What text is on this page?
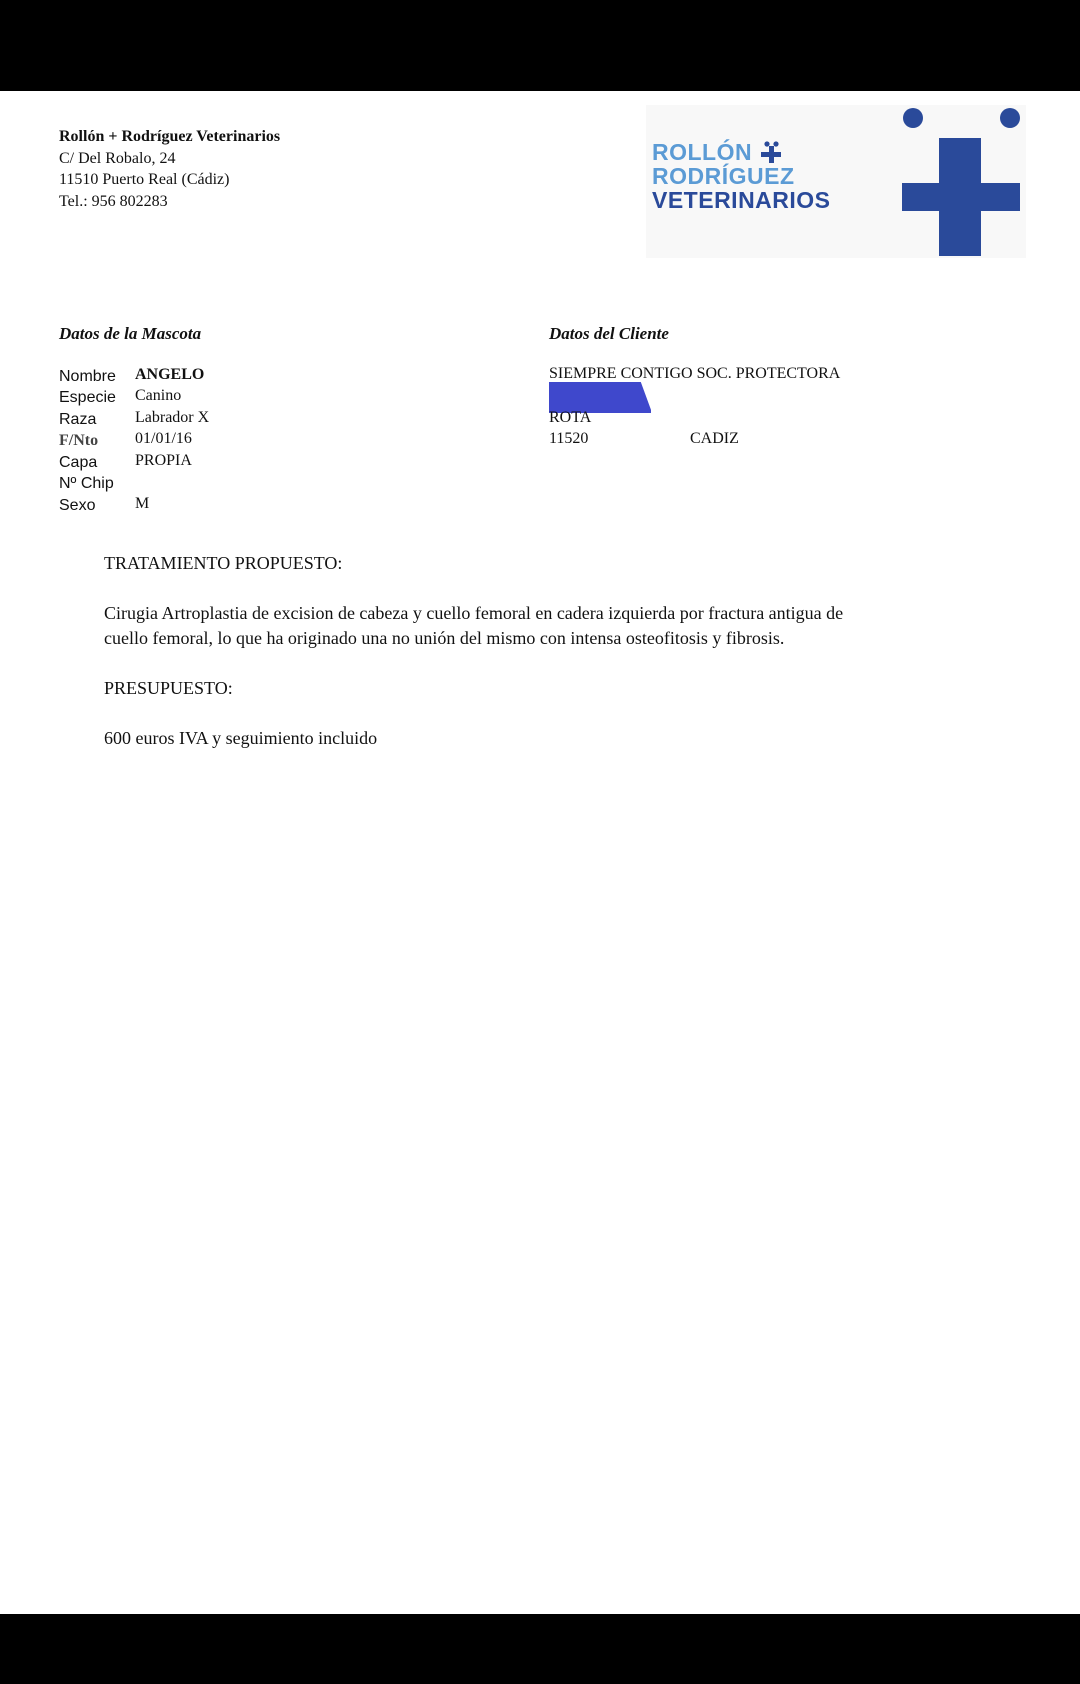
Rollón + Rodríguez Veterinarios
C/ Del Robalo, 24
11510 Puerto Real (Cádiz)
Tel.: 956 802283
ROLLÓN
RODRÍGUEZ
VETERINARIOS
Datos de la Mascota
Nombre ANGELO
Especie Canino
Raza Labrador X
F/Nto 01/01/16
Capa PROPIA
Nº Chip
Sexo M
Datos del Cliente
SIEMPRE CONTIGO SOC. PROTECTORA
ROTA
11520	CADIZ
TRATAMIENTO PROPUESTO:
Cirugia Artroplastia de excision de cabeza y cuello femoral en cadera izquierda por fractura antigua de cuello femoral, lo que ha originado una no unión del mismo con intensa osteofitosis y fibrosis.
PRESUPUESTO:
600 euros IVA y seguimiento incluido
